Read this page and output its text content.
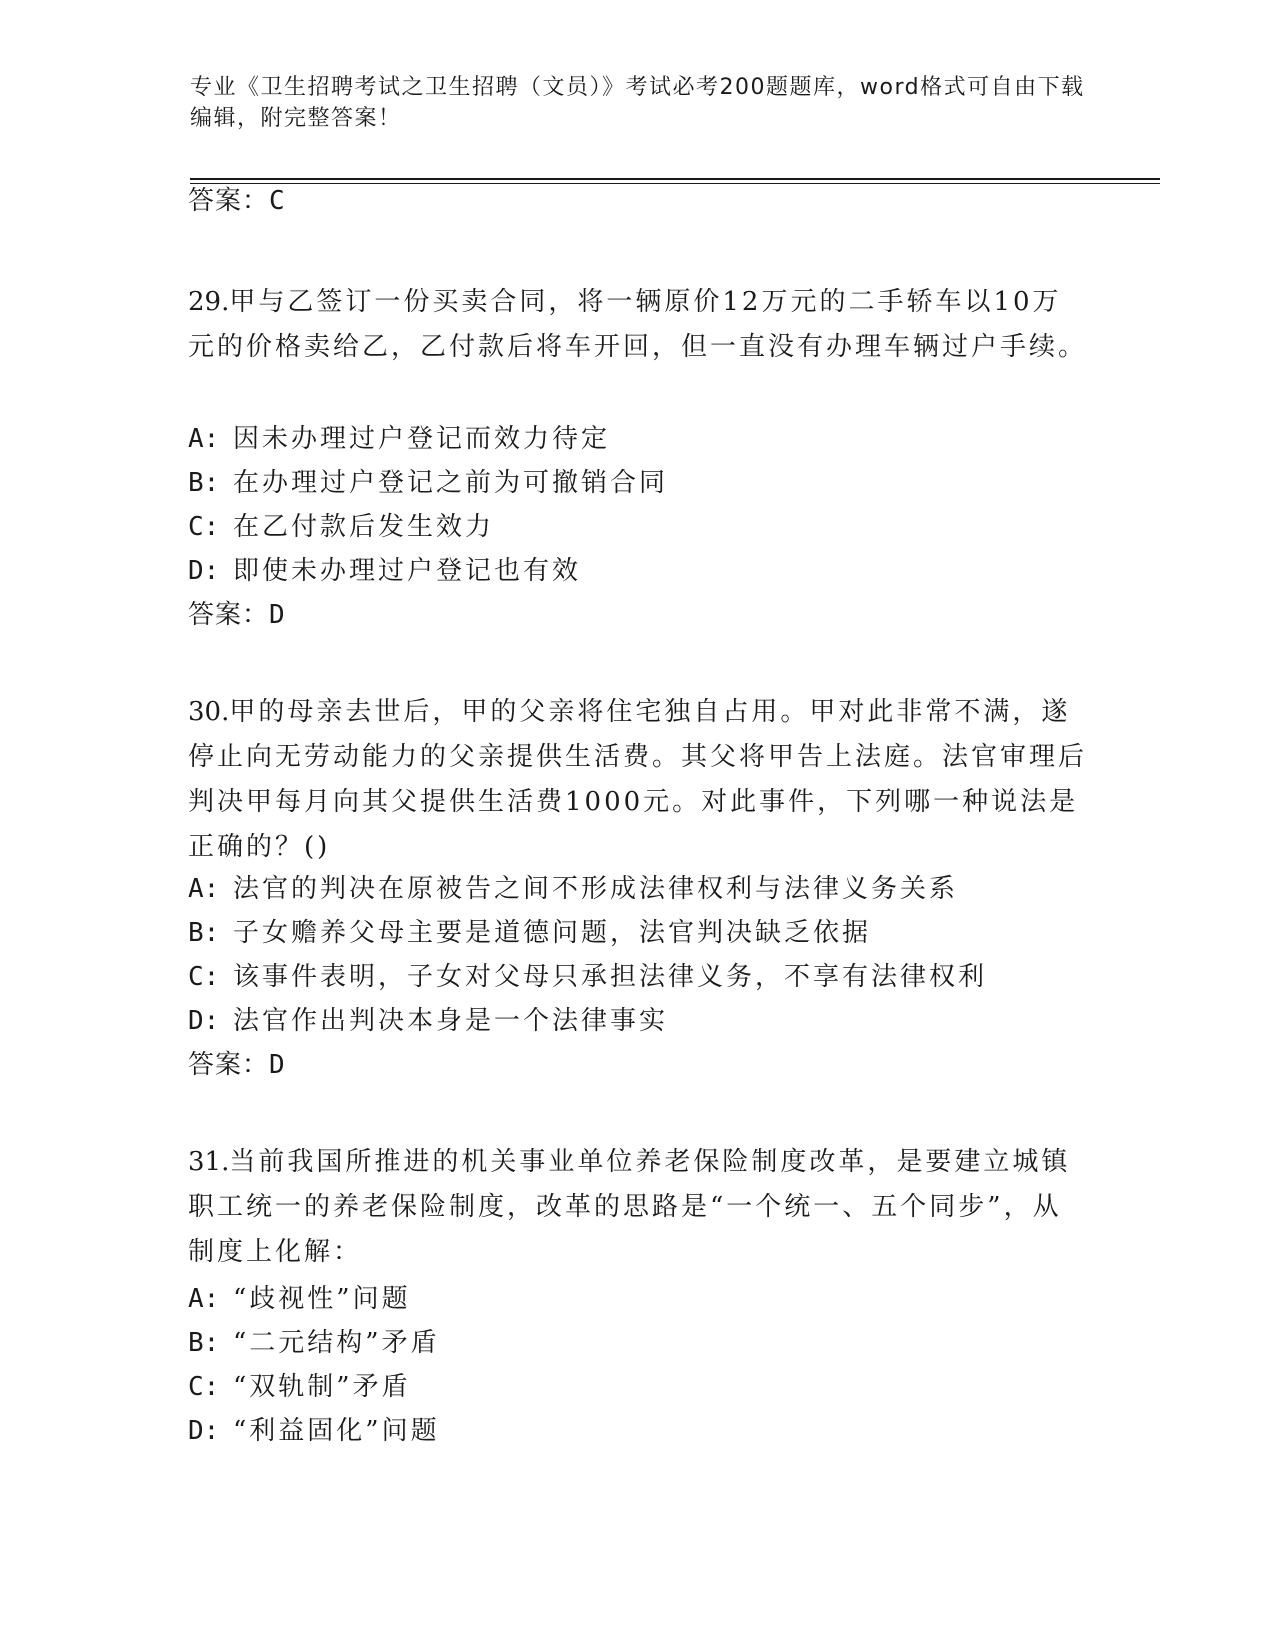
专业《卫生招聘考试之卫生招聘（文员）》考试必考200题题库，word格式可自由下载编辑，附完整答案！

答案：C

29.甲与乙签订一份买卖合同，将一辆原价12万元的二手轿车以10万元的价格卖给乙，乙付款后将车开回，但一直没有办理车辆过户手续。

A: 因未办理过户登记而效力待定

B: 在办理过户登记之前为可撤销合同

C: 在乙付款后发生效力

D: 即使未办理过户登记也有效

答案：D

30.甲的母亲去世后，甲的父亲将住宅独自占用。甲对此非常不满，遂停止向无劳动能力的父亲提供生活费。其父将甲告上法庭。法官审理后判决甲每月向其父提供生活费1000元。对此事件，下列哪一种说法是正确的？()

A: 法官的判决在原被告之间不形成法律权利与法律义务关系

B: 子女赡养父母主要是道德问题，法官判决缺乏依据

C: 该事件表明，子女对父母只承担法律义务，不享有法律权利

D: 法官作出判决本身是一个法律事实

答案：D

31.当前我国所推进的机关事业单位养老保险制度改革，是要建立城镇职工统一的养老保险制度，改革的思路是“一个统一、五个同步”，从制度上化解：

A: “歧视性”问题

B: “二元结构”矛盾

C: “双轨制”矛盾

D: “利益固化”问题
